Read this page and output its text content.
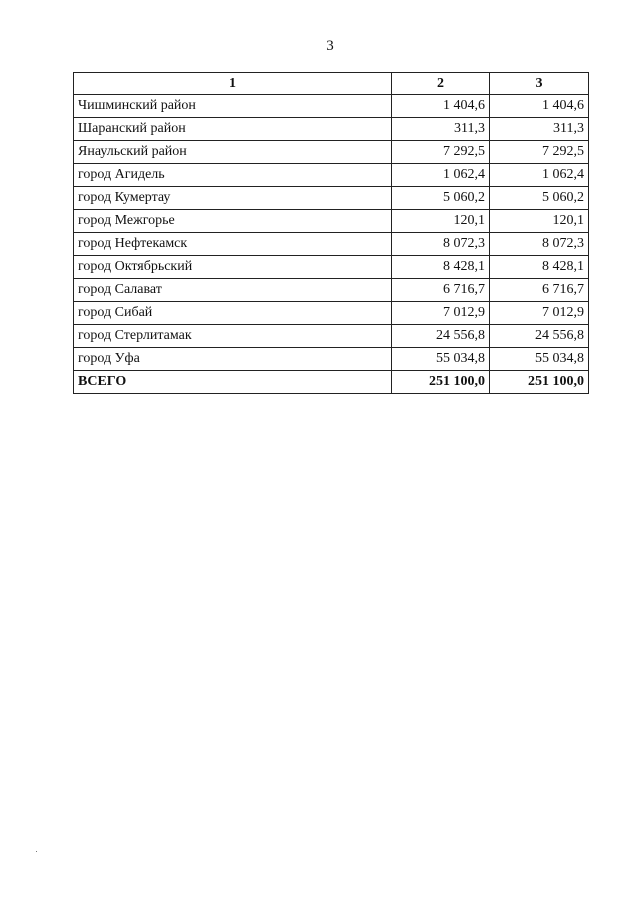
3
1	2	3
Чишминский район	1 404,6	1 404,6
Шаранский район	311,3	311,3
Янаульский район	7 292,5	7 292,5
город Агидель	1 062,4	1 062,4
город Кумертау	5 060,2	5 060,2
город Межгорье	120,1	120,1
город Нефтекамск	8 072,3	8 072,3
город Октябрьский	8 428,1	8 428,1
город Салават	6 716,7	6 716,7
город Сибай	7 012,9	7 012,9
город Стерлитамак	24 556,8	24 556,8
город Уфа	55 034,8	55 034,8
ВСЕГО	251 100,0	251 100,0
